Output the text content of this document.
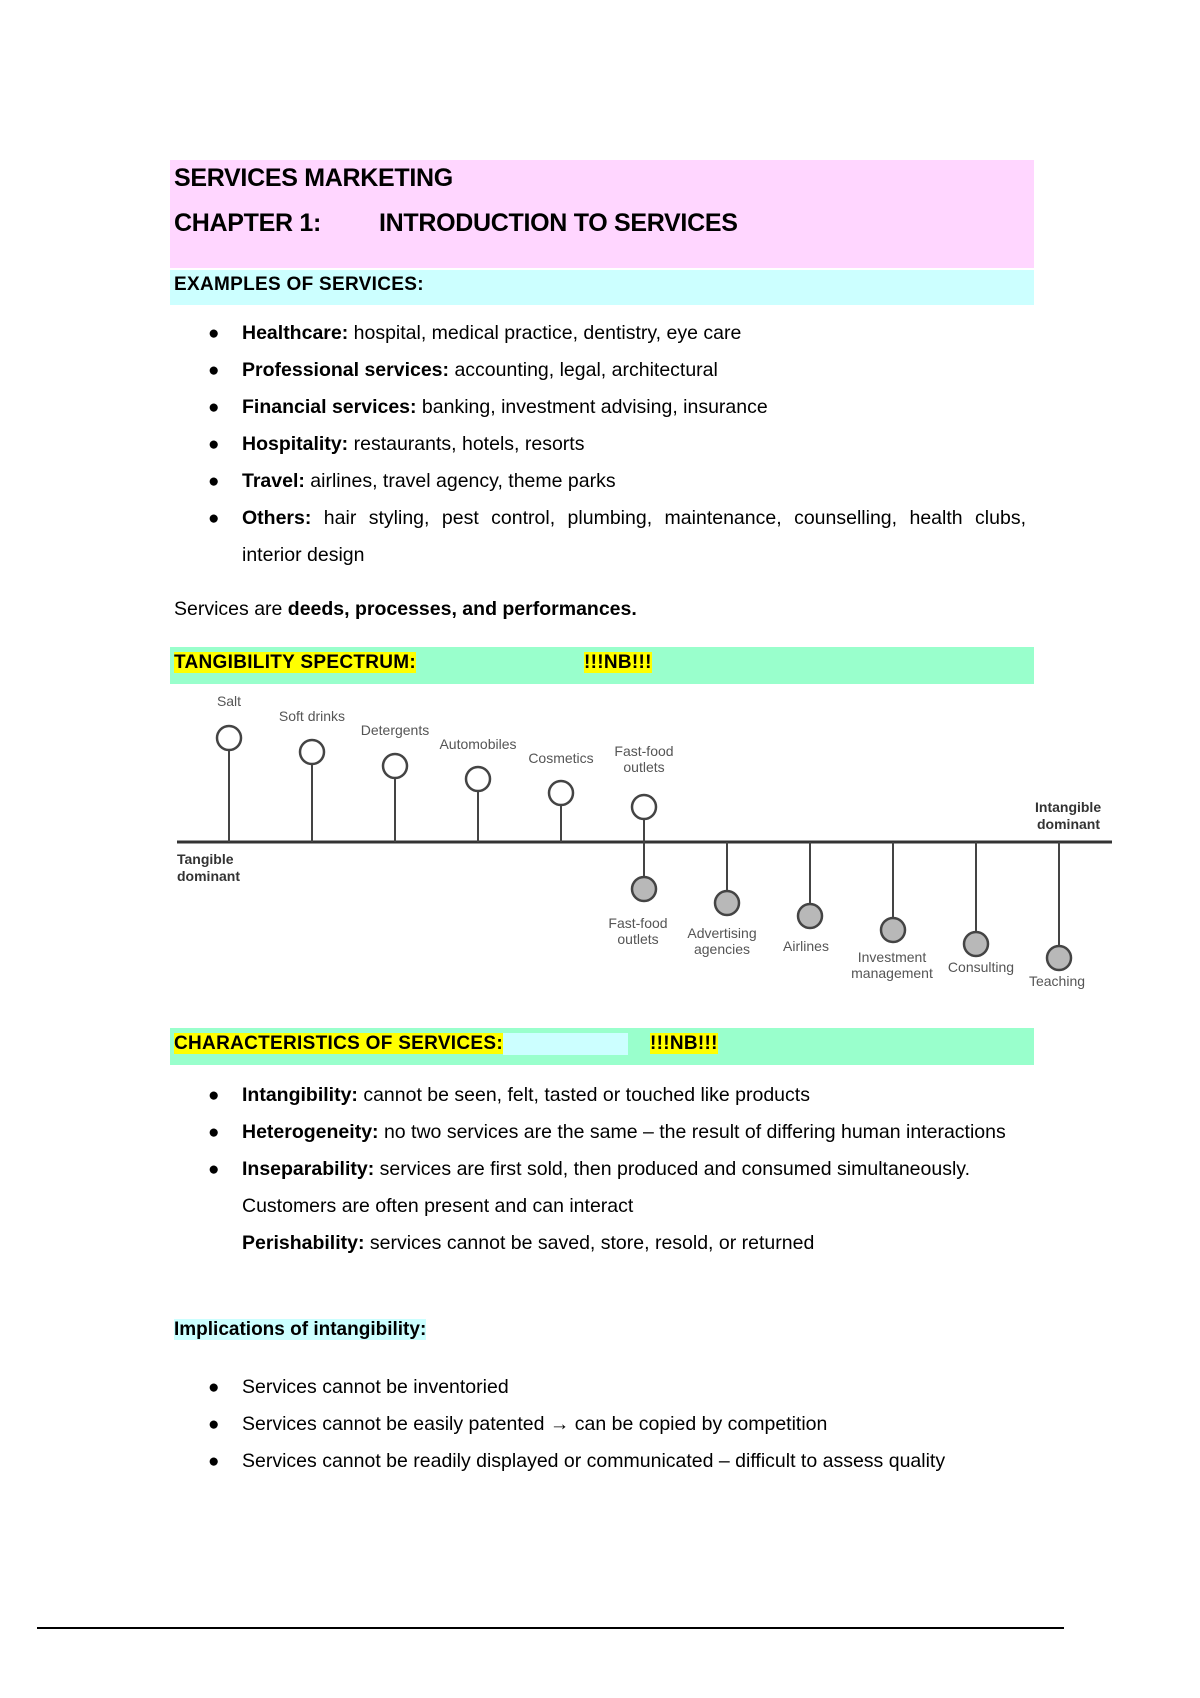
SERVICES MARKETING
CHAPTER 1: INTRODUCTION TO SERVICES
EXAMPLES OF SERVICES:
● Healthcare: hospital, medical practice, dentistry, eye care
● Professional services: accounting, legal, architectural
● Financial services: banking, investment advising, insurance
● Hospitality: restaurants, hotels, resorts
● Travel: airlines, travel agency, theme parks
● Others: hair styling, pest control, plumbing, maintenance, counselling, health clubs, interior design
Services are deeds, processes, and performances.
TANGIBILITY SPECTRUM:	!!!NB!!!
Salt
Soft drinks
Detergents
Automobiles
Cosmetics Fast-food
outlets
Fast-food
outlets Advertising
agencies Airlines
Investment
management Consulting
Teaching
Tangible
dominant
Intangible
dominant
CHARACTERISTICS OF SERVICES:	!!!NB!!!
● Intangibility: cannot be seen, felt, tasted or touched like products
● Heterogeneity: no two services are the same – the result of differing human interactions
● Inseparability: services are first sold, then produced and consumed simultaneously. Customers are often present and can interact
Perishability: services cannot be saved, store, resold, or returned
Implications of intangibility:
● Services cannot be inventoried
● Services cannot be easily patented → can be copied by competition
● Services cannot be readily displayed or communicated – difficult to assess quality
